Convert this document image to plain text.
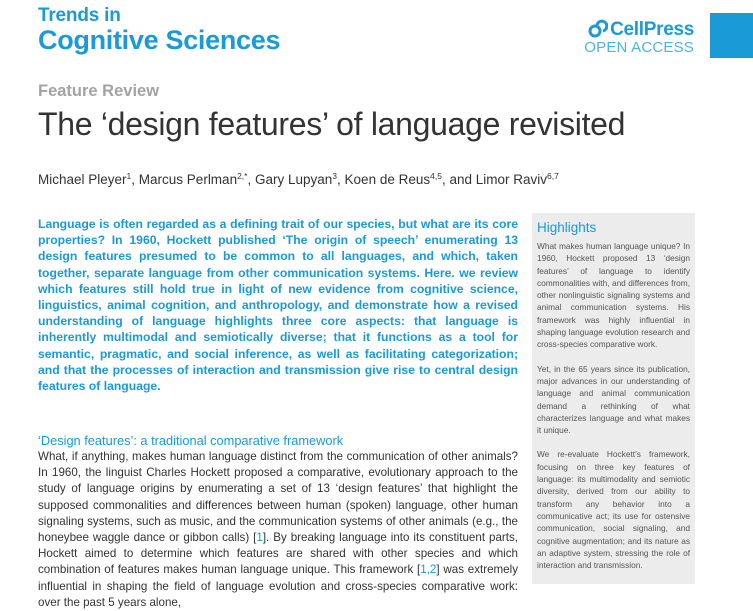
Trends in
Cognitive Sciences	CellPress
OPEN ACCESS
Feature Review
The ‘design features’ of language revisited
Michael Pleyer$^1$, Marcus Perlman$^{2,*}$, Gary Lupyan$^3$, Koen de Reus$^{4,5}$, and Limor Raviv$^{6,7}$

Language is often regarded as a defining trait of our species, but what are its core properties? In 1960, Hockett published ‘The origin of speech’ enumerating 13 design features presumed to be common to all languages, and which, taken together, separate language from other communication systems. Here. we review which features still hold true in light of new evidence from cognitive science, linguistics, animal cognition, and anthropology, and demonstrate how a revised understanding of language highlights three core aspects: that language is inherently multimodal and semiotically diverse; that it functions as a tool for semantic, pragmatic, and social inference, as well as facilitating categorization; and that the processes of interaction and transmission give rise to central design features of language.

‘Design features’: a traditional comparative framework

What, if anything, makes human language distinct from the communication of other animals? In 1960, the linguist Charles Hockett proposed a comparative, evolutionary approach to the study of language origins by enumerating a set of 13 ‘design features’ that highlight the supposed commonalities and differences between human (spoken) language, other human signaling systems, such as music, and the communication systems of other animals (e.g., the honeybee waggle dance or gibbon calls) [1]. By breaking language into its constituent parts, Hockett aimed to determine which features are shared with other species and which combination of features makes human language unique. This framework [1,2] was extremely influential in shaping the field of language evolution and cross-species comparative work: over the past 5 years alone,

Highlights

What makes human language unique? In 1960, Hockett proposed 13 ‘design features’ of language to identify commonalities with, and differences from, other nonlinguistic signaling systems and animal communication systems. His framework was highly influential in shaping language evolution research and cross-species comparative work.

Yet, in the 65 years since its publication, major advances in our understanding of language and animal communication demand a rethinking of what characterizes language and what makes it unique.

We re-evaluate Hockett’s framework, focusing on three key features of language: its multimodality and semiotic diversity, derived from our ability to transform any behavior into a communicative act; its use for ostensive communication, social signaling, and cognitive augmentation; and its nature as an adaptive system, stressing the role of interaction and transmission.
